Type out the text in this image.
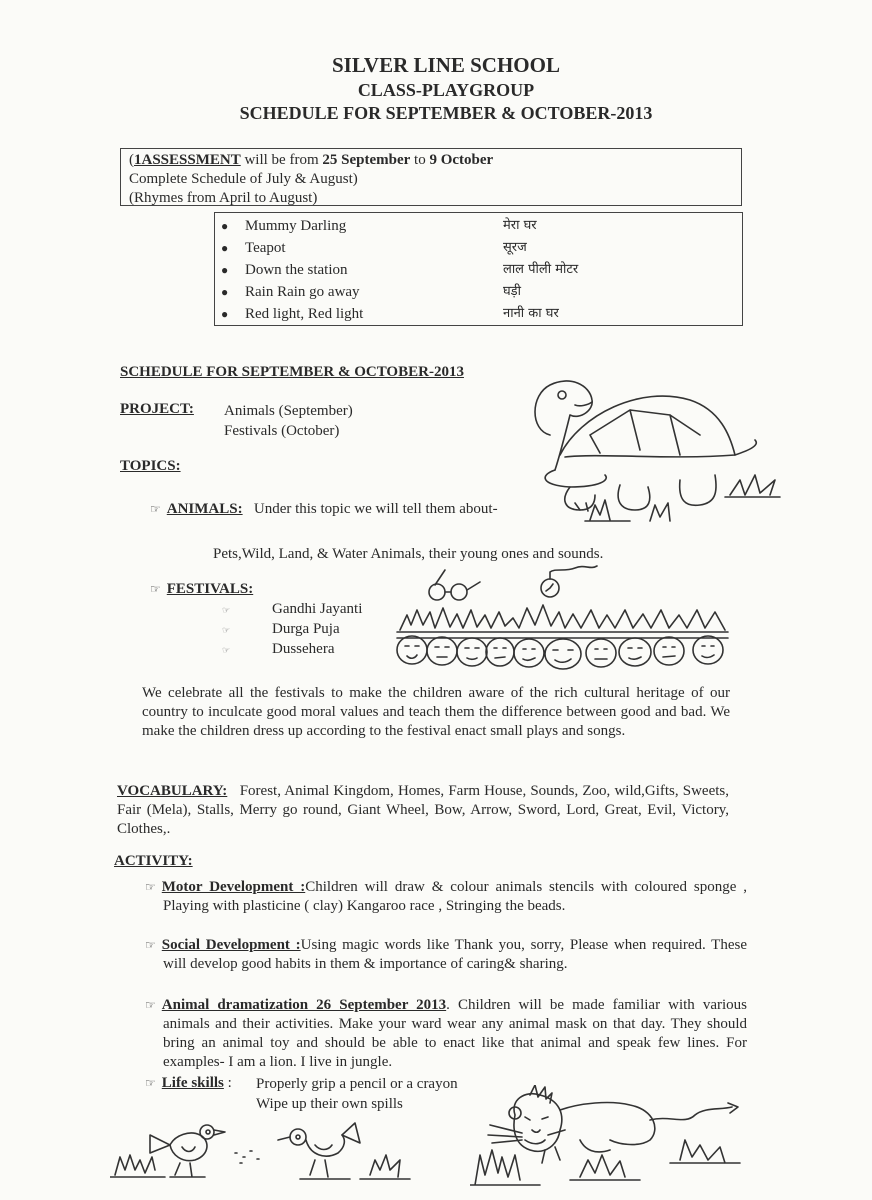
SILVER LINE SCHOOL
CLASS-PLAYGROUP
SCHEDULE FOR SEPTEMBER & OCTOBER-2013
(1ASSESSMENT will be from 25 September to 9 October
Complete Schedule of July & August)
(Rhymes from April to August)
● Mummy Darling	मेरा घर
● Teapot	सूरज
● Down the station	लाल पीली मोटर
● Rain Rain go away	घड़ी
● Red light, Red light	नानी का घर
SCHEDULE FOR SEPTEMBER & OCTOBER-2013
PROJECT: Animals (September)
Festivals (October)
TOPICS:
☞ ANIMALS: Under this topic we will tell them about-
Pets,Wild, Land, & Water Animals, their young ones and sounds.
☞ FESTIVALS:
☞	Gandhi Jayanti
☞	Durga Puja
☞	Dussehera
We celebrate all the festivals to make the children aware of the rich cultural heritage of our country to inculcate good moral values and teach them the difference between good and bad. We make the children dress up according to the festival enact small plays and songs.
VOCABULARY: Forest, Animal Kingdom, Homes, Farm House, Sounds, Zoo, wild,Gifts, Sweets, Fair (Mela), Stalls, Merry go round, Giant Wheel, Bow, Arrow, Sword, Lord, Great, Evil, Victory, Clothes,.
ACTIVITY:
☞ Motor Development :Children will draw & colour animals stencils with coloured sponge , Playing with plasticine ( clay) Kangaroo race , Stringing the beads.
☞ Social Development :Using magic words like Thank you, sorry, Please when required. These will develop good habits in them & importance of caring& sharing.
☞ Animal dramatization 26 September 2013. Children will be made familiar with various animals and their activities. Make your ward wear any animal mask on that day. They should bring an animal toy and should be able to enact like that animal and speak few lines. For examples- I am a lion. I live in jungle.
☞ Life skills : Properly grip a pencil or a crayon
Wipe up their own spills
